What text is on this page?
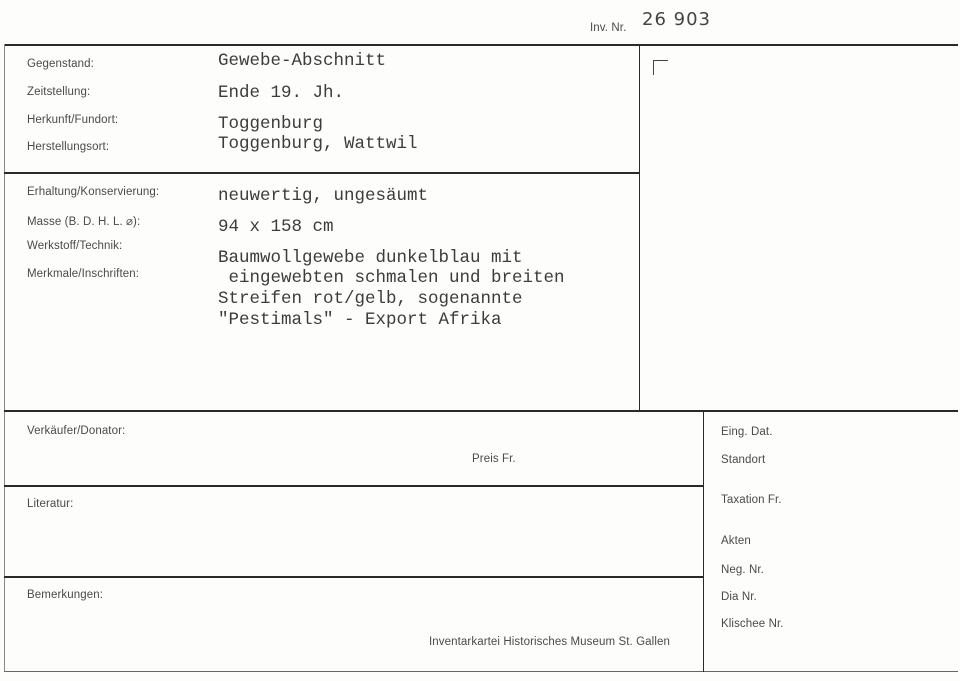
Inv. Nr. 26 903
Gegenstand:
Zeitstellung:
Herkunft/Fundort:
Herstellungsort:
Gewebe-Abschnitt
Ende 19. Jh.
Toggenburg
Toggenburg, Wattwil
Erhaltung/Konservierung:
Masse (B. D. H. L. ⌀):
Werkstoff/Technik:
Merkmale/Inschriften:
neuwertig, ungesäumt
94 x 158 cm
Baumwollgewebe dunkelblau mit
eingewebten schmalen und breiten
Streifen rot/gelb, sogenannte
"Pestimals" - Export Afrika
Verkäufer/Donator:
Preis Fr.
Literatur:
Bemerkungen:
Inventarkartei Historisches Museum St. Gallen
Eing. Dat.
Standort
Taxation Fr.
Akten
Neg. Nr.
Dia Nr.
Klischee Nr.
